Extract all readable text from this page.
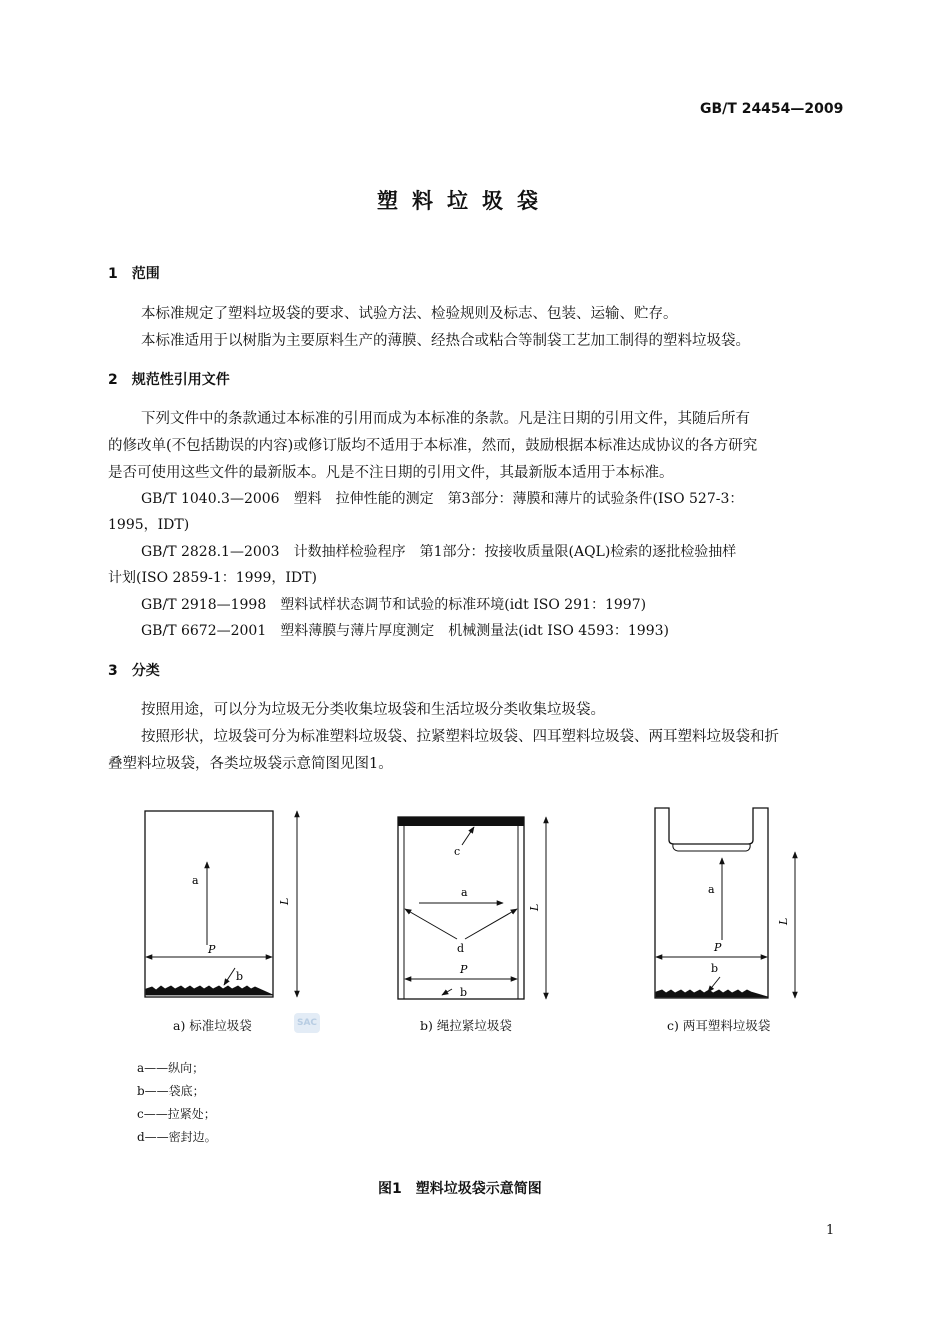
GB/T 24454—2009
塑料垃圾袋
1　范围
本标准规定了塑料垃圾袋的要求、试验方法、检验规则及标志、包装、运输、贮存。
本标准适用于以树脂为主要原料生产的薄膜、经热合或粘合等制袋工艺加工制得的塑料垃圾袋。
2　规范性引用文件
下列文件中的条款通过本标准的引用而成为本标准的条款。凡是注日期的引用文件，其随后所有
的修改单(不包括勘误的内容)或修订版均不适用于本标准，然而，鼓励根据本标准达成协议的各方研究
是否可使用这些文件的最新版本。凡是不注日期的引用文件，其最新版本适用于本标准。
GB/T 1040.3—2006　塑料　拉伸性能的测定　第3部分：薄膜和薄片的试验条件(ISO 527-3：
1995，IDT)
GB/T 2828.1—2003　计数抽样检验程序　第1部分：按接收质量限(AQL)检索的逐批检验抽样
计划(ISO 2859-1：1999，IDT)
GB/T 2918—1998　塑料试样状态调节和试验的标准环境(idt ISO 291：1997)
GB/T 6672—2001　塑料薄膜与薄片厚度测定　机械测量法(idt ISO 4593：1993)
3　分类
按照用途，可以分为垃圾无分类收集垃圾袋和生活垃圾分类收集垃圾袋。
按照形状，垃圾袋可分为标准塑料垃圾袋、拉紧塑料垃圾袋、四耳塑料垃圾袋、两耳塑料垃圾袋和折
叠塑料垃圾袋，各类垃圾袋示意简图见图1。
L
a
P
b
c
a
d
P
b
L
a
P
b
L
a) 标准垃圾袋	SAC	b) 绳拉紧垃圾袋	c) 两耳塑料垃圾袋
a——纵向；
b——袋底；
c——拉紧处；
d——密封边。
图1　塑料垃圾袋示意简图
1
